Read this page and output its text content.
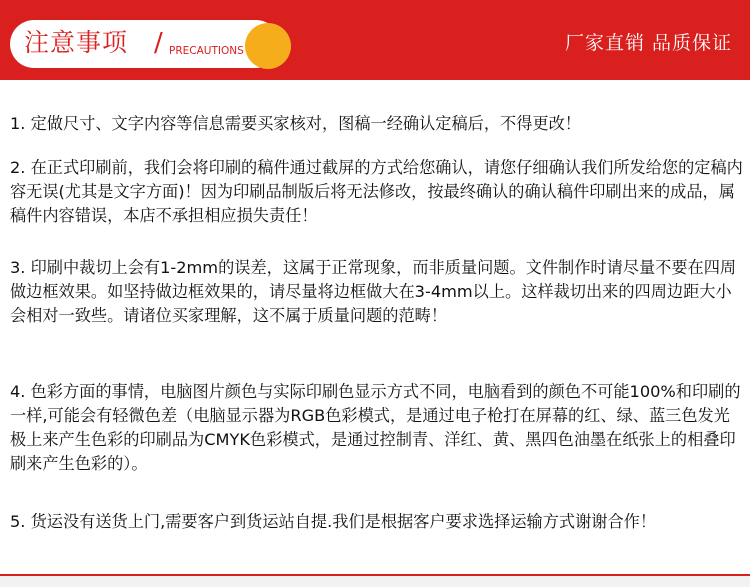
注意事项 / PRECAUTIONS	厂家直销 品质保证

1. 定做尺寸、文字内容等信息需要买家核对，图稿一经确认定稿后，不得更改！

2. 在正式印刷前，我们会将印刷的稿件通过截屏的方式给您确认，请您仔细确认我们所发给您的定稿内容无误(尤其是文字方面)！因为印刷品制版后将无法修改，按最终确认的确认稿件印刷出来的成品，属稿件内容错误，本店不承担相应损失责任！

3. 印刷中裁切上会有1-2mm的误差，这属于正常现象，而非质量问题。文件制作时请尽量不要在四周做边框效果。如坚持做边框效果的，请尽量将边框做大在3-4mm以上。这样裁切出来的四周边距大小会相对一致些。请诸位买家理解，这不属于质量问题的范畴！

4. 色彩方面的事情，电脑图片颜色与实际印刷色显示方式不同，电脑看到的颜色不可能100%和印刷的一样,可能会有轻微色差（电脑显示器为RGB色彩模式，是通过电子枪打在屏幕的红、绿、蓝三色发光极上来产生色彩的印刷品为CMYK色彩模式，是通过控制青、洋红、黄、黑四色油墨在纸张上的相叠印刷来产生色彩的）。

5. 货运没有送货上门,需要客户到货运站自提.我们是根据客户要求选择运输方式谢谢合作！
